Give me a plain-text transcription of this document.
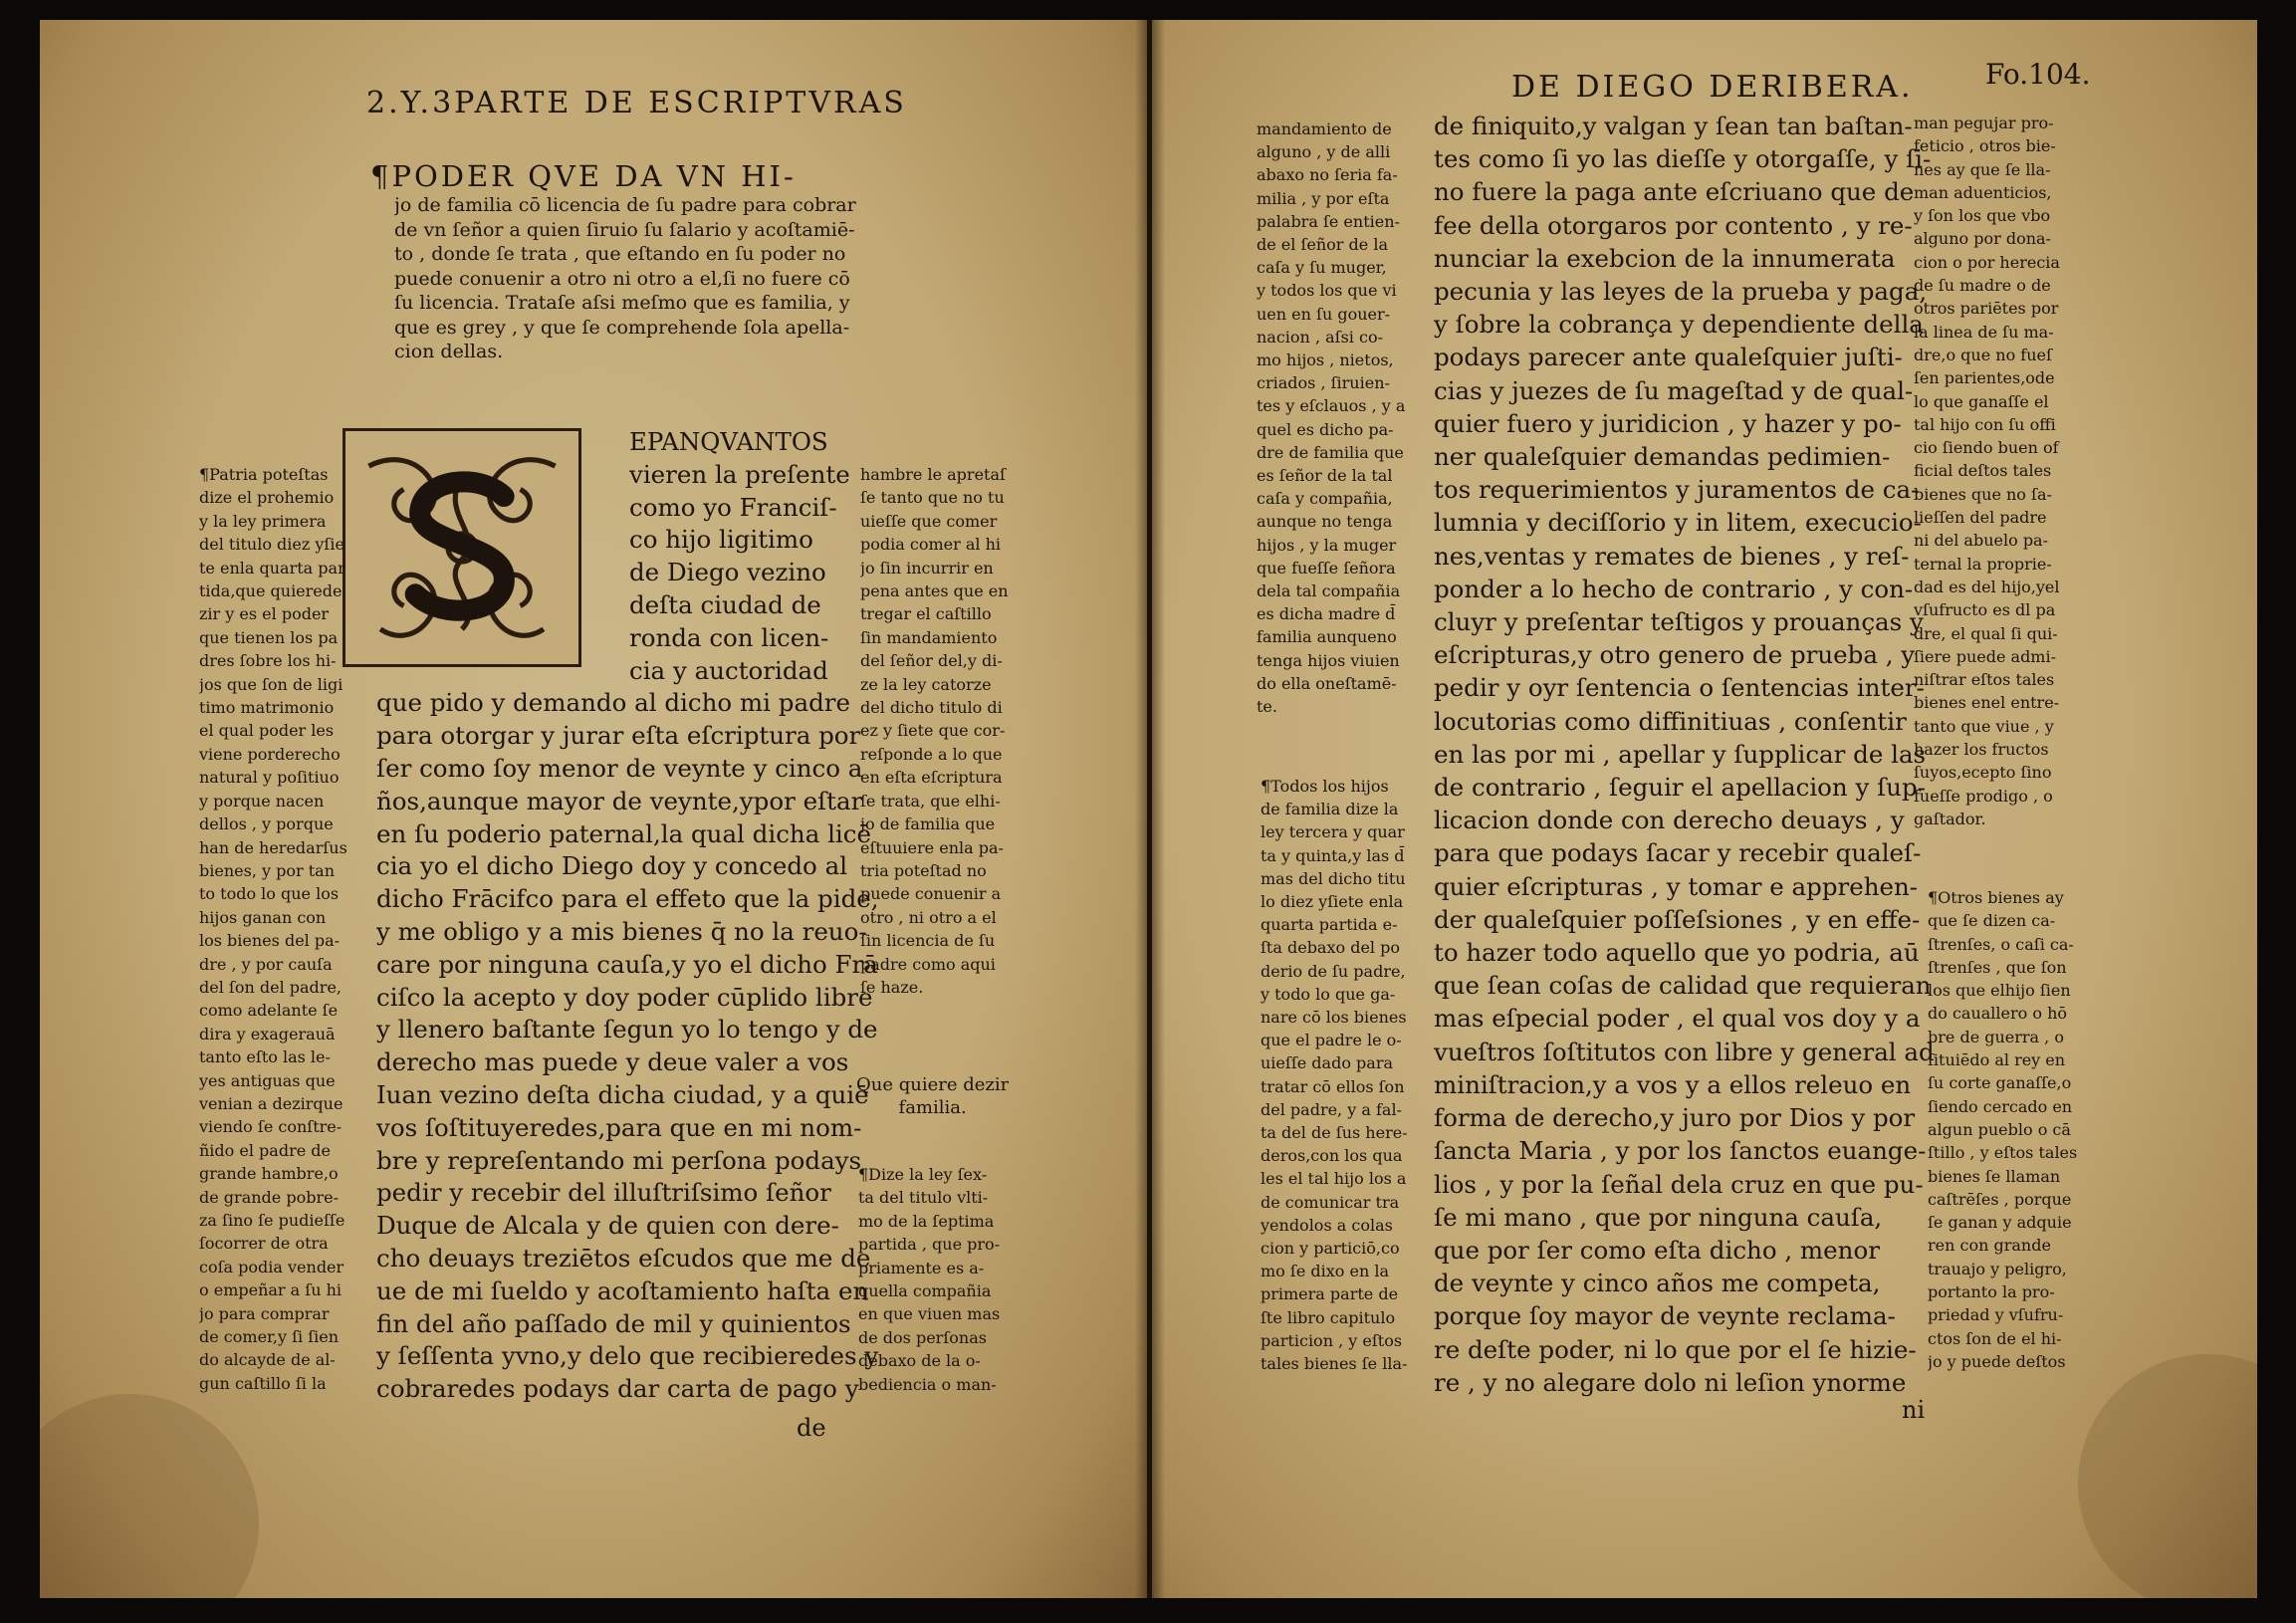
2.Y.3PARTE DE ESCRIPTVRAS
¶PODER QVE DA VN HI-
jo de familia cō licencia de ſu padre para cobrar
de vn ſeñor a quien ſiruio ſu ſalario y acoſtamiē-
to , donde ſe trata , que eſtando en ſu poder no
puede conuenir a otro ni otro a el,ſi no fuere cō
ſu licencia. Trataſe aſsi meſmo que es familia, y
que es grey , y que ſe comprehende ſola apella-
cion dellas.
EPANQVANTOS
vieren la preſente
como yo Franciſ-
co hijo ligitimo
de Diego vezino
deſta ciudad de
ronda con licen-
cia y auctoridad
que pido y demando al dicho mi padre
para otorgar y jurar eſta eſcriptura por
ſer como ſoy menor de veynte y cinco a
ños,aunque mayor de veynte,ypor eſtar
en ſu poderio paternal,la qual dicha licē
cia yo el dicho Diego doy y concedo al
dicho Frācifco para el effeto que la pide,
y me obligo y a mis bienes q̄ no la reuo-
care por ninguna cauſa,y yo el dicho Frā
ciſco la acepto y doy poder cūplido libre
y llenero baſtante ſegun yo lo tengo y de
derecho mas puede y deue valer a vos
Iuan vezino deſta dicha ciudad, y a quiē
vos ſoſtituyeredes,para que en mi nom-
bre y repreſentando mi perſona podays
pedir y recebir del illuſtriſsimo ſeñor
Duque de Alcala y de quien con dere-
cho deuays treziētos eſcudos que me de
ue de mi ſueldo y acoſtamiento haſta en
fin del año paſſado de mil y quinientos
y ſeſſenta yvno,y delo que recibieredes y
cobraredes podays dar carta de pago y
de
¶Patria poteſtas
dize el prohemio
y la ley primera
del titulo diez yſie
te enla quarta par
tida,que quierede
zir y es el poder
que tienen los pa
dres ſobre los hi-
jos que ſon de ligi
timo matrimonio
el qual poder les
viene porderecho
natural y poſitiuo
y porque nacen
dellos , y porque
han de heredarſus
bienes, y por tan
to todo lo que los
hijos ganan con
los bienes del pa-
dre , y por cauſa
del ſon del padre,
como adelante ſe
dira y exagerauā
tanto eſto las le-
yes antiguas que
venian a dezirque
viendo ſe conſtre-
ñido el padre de
grande hambre,o
de grande pobre-
za ſino ſe pudieſſe
ſocorrer de otra
coſa podia vender
o empeñar a ſu hi
jo para comprar
de comer,y ſi ſien
do alcayde de al-
gun caſtillo ſi la
hambre le apretaſ
ſe tanto que no tu
uieſſe que comer
podia comer al hi
jo ſin incurrir en
pena antes que en
tregar el caſtillo
ſin mandamiento
del ſeñor del,y di-
ze la ley catorze
del dicho titulo di
ez y ſiete que cor-
reſponde a lo que
en eſta eſcriptura
ſe trata, que elhi-
jo de familia que
eſtuuiere enla pa-
tria poteſtad no
puede conuenir a
otro , ni otro a el
ſin licencia de ſu
padre como aqui
ſe haze.
Que quiere dezir
familia.
¶Dize la ley ſex-
ta del titulo vlti-
mo de la ſeptima
partida , que pro-
priamente es a-
quella compañia
en que viuen mas
de dos perſonas
debaxo de la o-
bediencia o man-
DE DIEGO DERIBERA.	Fo.104.
mandamiento de
alguno , y de alli
abaxo no ſeria fa-
milia , y por eſta
palabra ſe entien-
de el ſeñor de la
caſa y ſu muger,
y todos los que vi
uen en ſu gouer-
nacion , aſsi co-
mo hijos , nietos,
criados , ſiruien-
tes y eſclauos , y a
quel es dicho pa-
dre de familia que
es ſeñor de la tal
caſa y compañia,
aunque no tenga
hijos , y la muger
que fueſſe ſeñora
dela tal compañia
es dicha madre d̄
familia aunqueno
tenga hijos viuien
do ella oneſtamē-
te.
¶Todos los hijos
de familia dize la
ley tercera y quar
ta y quinta,y las d̄
mas del dicho titu
lo diez yſiete enla
quarta partida e-
ſta debaxo del po
derio de ſu padre,
y todo lo que ga-
nare cō los bienes
que el padre le o-
uieſſe dado para
tratar cō ellos ſon
del padre, y a fal-
ta del de ſus here-
deros,con los qua
les el tal hijo los a
de comunicar tra
yendolos a colas
cion y particiō,co
mo ſe dixo en la
primera parte de
ſte libro capitulo
particion , y eſtos
tales bienes ſe lla-
de finiquito,y valgan y ſean tan baſtan-
tes como ſi yo las dieſſe y otorgaſſe, y ſi-
no fuere la paga ante eſcriuano que de
fee della otorgaros por contento , y re-
nunciar la exebcion de la innumerata
pecunia y las leyes de la prueba y paga,
y ſobre la cobrança y dependiente della
podays parecer ante qualeſquier juſti-
cias y juezes de ſu mageſtad y de qual-
quier fuero y juridicion , y hazer y po-
ner qualeſquier demandas pedimien-
tos requerimientos y juramentos de ca-
lumnia y deciſſorio y in litem, execucio-
nes,ventas y remates de bienes , y reſ-
ponder a lo hecho de contrario , y con-
cluyr y preſentar teſtigos y prouanças y
eſcripturas,y otro genero de prueba , y
pedir y oyr ſentencia o ſentencias inter-
locutorias como diffinitiuas , conſentir
en las por mi , apellar y ſupplicar de las
de contrario , ſeguir el apellacion y ſup-
licacion donde con derecho deuays , y
para que podays ſacar y recebir qualeſ-
quier eſcripturas , y tomar e apprehen-
der qualeſquier poſſeſsiones , y en effe-
to hazer todo aquello que yo podria, aū
que ſean coſas de calidad que requieran
mas eſpecial poder , el qual vos doy y a
vueſtros ſoſtitutos con libre y general ad
miniſtracion,y a vos y a ellos releuo en
forma de derecho,y juro por Dios y por
ſancta Maria , y por los ſanctos euange-
lios , y por la ſeñal dela cruz en que pu-
ſe mi mano , que por ninguna cauſa,
que por ſer como eſta dicho , menor
de veynte y cinco años me competa,
porque ſoy mayor de veynte reclama-
re deſte poder, ni lo que por el ſe hizie-
re , y no alegare dolo ni leſion ynorme
ni
man pegujar pro-
feticio , otros bie-
nes ay que ſe lla-
man aduenticios,
y ſon los que vbo
alguno por dona-
cion o por herecia
de ſu madre o de
otros pariētes por
la linea de ſu ma-
dre,o que no fueſ
ſen parientes,ode
lo que ganaſſe el
tal hijo con ſu offi
cio ſiendo buen of
ficial deſtos tales
bienes que no ſa-
lieſſen del padre
ni del abuelo pa-
ternal la proprie-
dad es del hijo,yel
vſufructo es dl pa
dre, el qual ſi qui-
ſiere puede admi-
niſtrar eſtos tales
bienes enel entre-
tanto que viue , y
hazer los fructos
ſuyos,ecepto ſino
fueſſe prodigo , o
gaſtador.
¶Otros bienes ay
que ſe dizen ca-
ſtrenſes, o caſi ca-
ſtrenſes , que ſon
los que elhijo ſien
do cauallero o hō
bre de guerra , o
ſituiēdo al rey en
ſu corte ganaſſe,o
ſiendo cercado en
algun pueblo o cā
ſtillo , y eſtos tales
bienes ſe llaman
caſtrēſes , porque
ſe ganan y adquie
ren con grande
trauajo y peligro,
portanto la pro-
priedad y vſufru-
ctos ſon de el hi-
jo y puede deſtos
